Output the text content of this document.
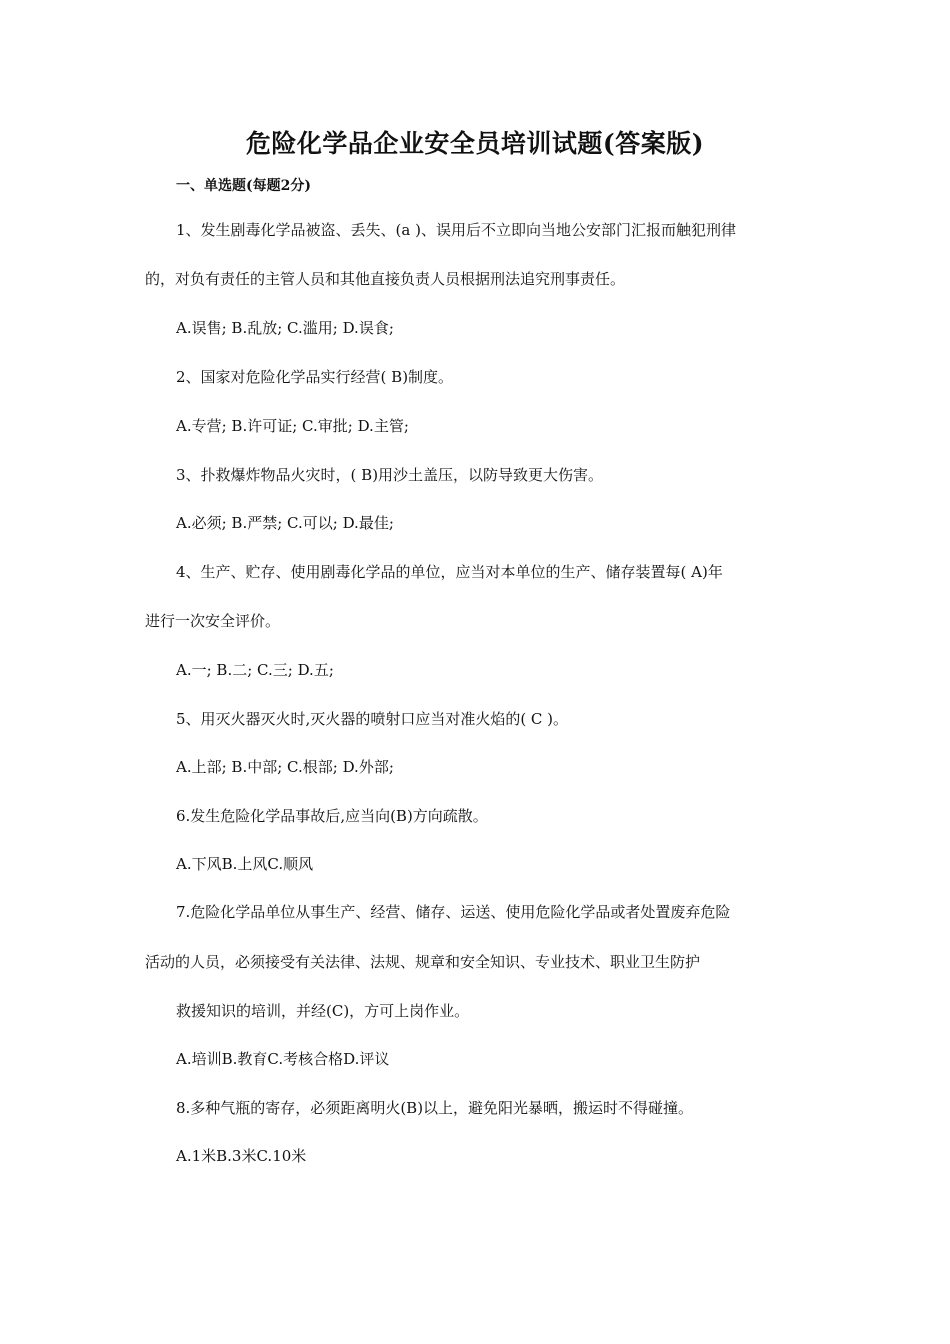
危险化学品企业安全员培训试题(答案版)
一、单选题(每题2分)
1、发生剧毒化学品被盗、丢失、(a )、误用后不立即向当地公安部门汇报而触犯刑律
的，对负有责任的主管人员和其他直接负责人员根据刑法追究刑事责任。
A.误售; B.乱放; C.滥用; D.误食;
2、国家对危险化学品实行经营( B)制度。
A.专营; B.许可证; C.审批; D.主管;
3、扑救爆炸物品火灾时，( B)用沙土盖压，以防导致更大伤害。
A.必须; B.严禁; C.可以; D.最佳;
4、生产、贮存、使用剧毒化学品的单位，应当对本单位的生产、储存装置每( A)年
进行一次安全评价。
A.一; B.二; C.三; D.五;
5、用灭火器灭火时,灭火器的喷射口应当对准火焰的( C )。
A.上部; B.中部; C.根部; D.外部;
6.发生危险化学品事故后,应当向(B)方向疏散。
A.下风B.上风C.顺风
7.危险化学品单位从事生产、经营、储存、运送、使用危险化学品或者处置废弃危险
活动的人员，必须接受有关法律、法规、规章和安全知识、专业技术、职业卫生防护
救援知识的培训，并经(C)，方可上岗作业。
A.培训B.教育C.考核合格D.评议
8.多种气瓶的寄存，必须距离明火(B)以上，避免阳光暴晒，搬运时不得碰撞。
A.1米B.3米C.10米
